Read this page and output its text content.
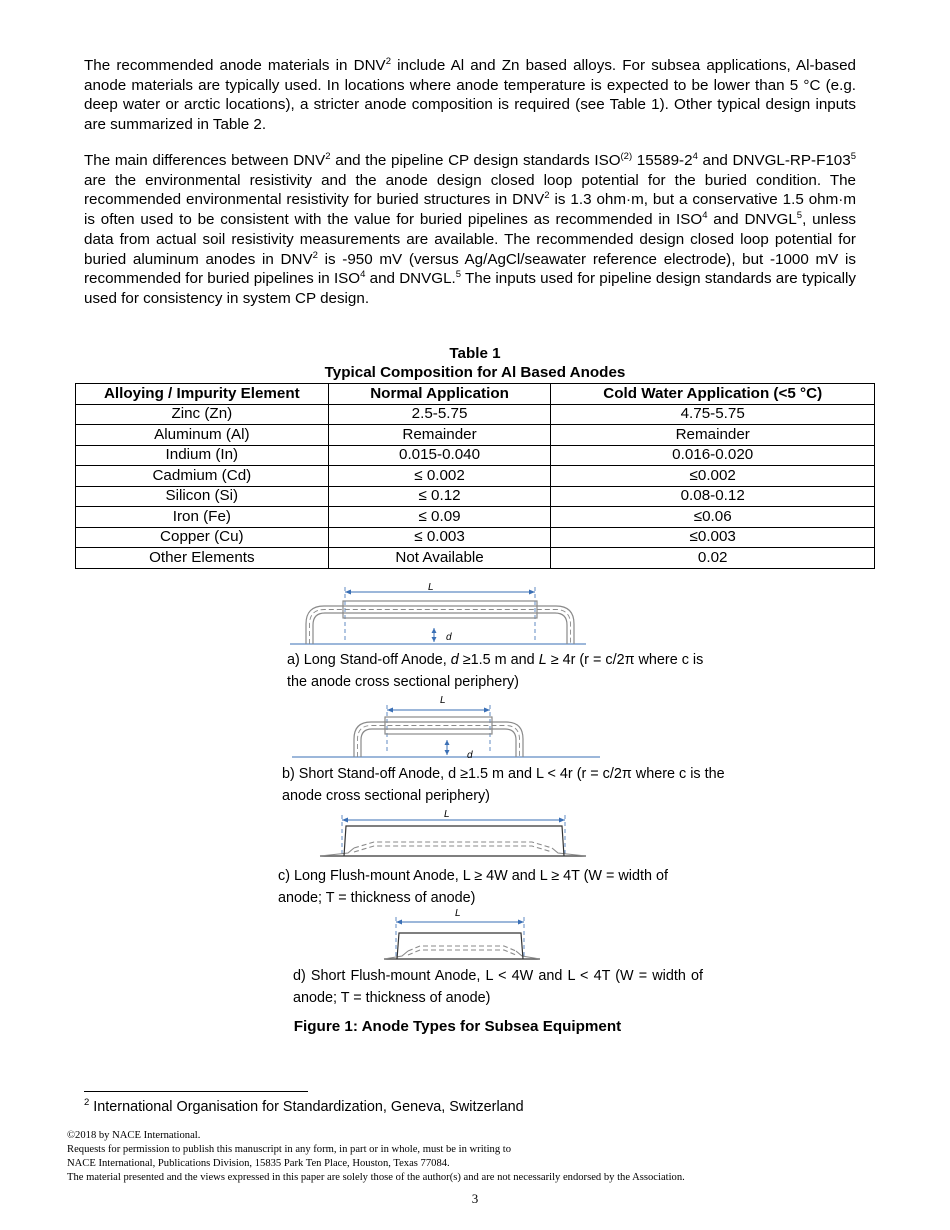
The recommended anode materials in DNV$^2$ include Al and Zn based alloys. For subsea applications, Al-based anode materials are typically used. In locations where anode temperature is expected to be lower than 5 °C (e.g. deep water or arctic locations), a stricter anode composition is required (see Table 1). Other typical design inputs are summarized in Table 2.

The main differences between DNV$^2$ and the pipeline CP design standards ISO$^{(2)}$ $15589-2^4$ and DNVGL-$RP-F103^5$ are the environmental resistivity and the anode design closed loop potential for the buried condition. The recommended environmental resistivity for buried structures in DNV$^2$ is 1.3 ohm·m, but a conservative 1.5 ohm·m is often used to be consistent with the value for buried pipelines as recommended in ISO$^4$ and DNVGL$^5$, unless data from actual soil resistivity measurements are available. The recommended design closed loop potential for buried aluminum anodes in DNV$^2$ is -950 mV (versus Ag/AgCl/seawater reference electrode), but -1000 mV is recommended for buried pipelines in ISO$^4$ and DNVGL.$^5$ The inputs used for pipeline design standards are typically used for consistency in system CP design.

Table 1
Typical Composition for Al Based Anodes
Alloying / Impurity Element	Normal Application	Cold Water Application (<5 °C)
Zinc (Zn)	2.5-5.75	4.75-5.75
Aluminum (Al)	Remainder	Remainder
Indium (In)	0.015-0.040	0.016-0.020
Cadmium (Cd)	≤ 0.002	≤0.002
Silicon (Si)	≤ 0.12	0.08-0.12
Iron (Fe)	≤ 0.09	≤0.06
Copper (Cu)	≤ 0.003	≤0.003
Other Elements	Not Available	0.02
L
d

a) Long Stand-off Anode, d ≥1.5 m and L ≥ 4r (r = c/2π where c is the anode cross sectional periphery)

L
d

b) Short Stand-off Anode, d ≥1.5 m and L < 4r (r = c/2π where c is the anode cross sectional periphery)

L

c) Long Flush-mount Anode, L ≥ 4W and L ≥ 4T (W = width of anode; T = thickness of anode)

L

d) Short Flush-mount Anode, L < 4W and L < 4T (W = width of anode; T = thickness of anode)

Figure 1: Anode Types for Subsea Equipment

$^2$ International Organisation for Standardization, Geneva, Switzerland

©2018 by NACE International.

Requests for permission to publish this manuscript in any form, in part or in whole, must be in writing to

NACE International, Publications Division, 15835 Park Ten Place, Houston, Texas 77084.

The material presented and the views expressed in this paper are solely those of the author(s) and are not necessarily endorsed by the Association.

3
